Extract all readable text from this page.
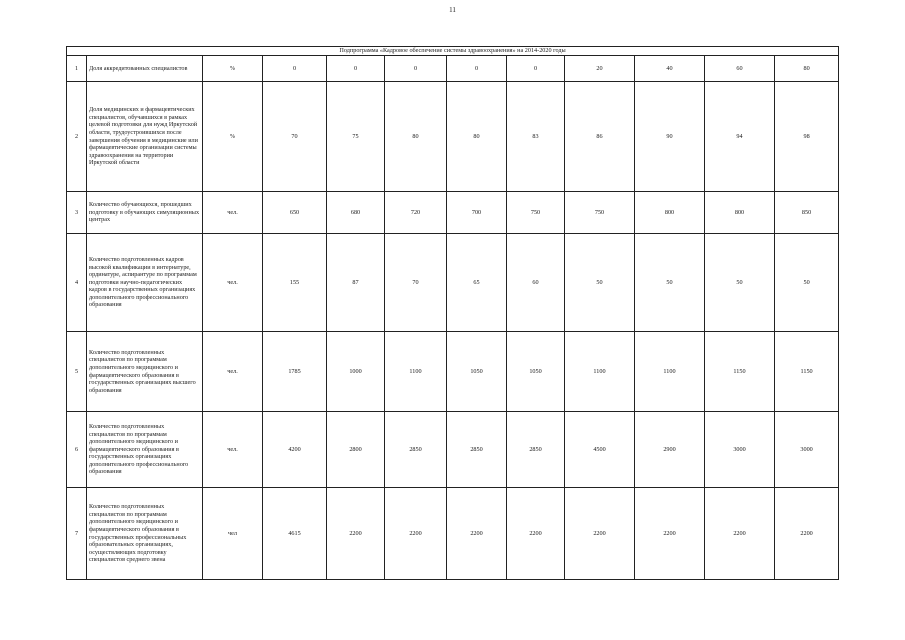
11
Подпрограмма «Кадровое обеспечение системы здравоохранения» на 2014-2020 годы											
1	Доля аккредитованных специалистов	%	0	0	0	0	0	20	40	60	80
2	Доля медицинских и фармацевтических специалистов, обучавшихся в рамках целевой подготовки для нужд Иркутской области, трудоустроившихся после завершения обучения в медицинские или фармацевтические организации системы здравоохранения на территории Иркутской области	%	70	75	80	80	83	86	90	94	98
3	Количество обучающихся, прошедших подготовку в обучающих симуляционных центрах	чел.	650	680	720	700	750	750	800	800	850
4	Количество подготовленных кадров высокой квалификации в интернатуре, ординатуре, аспирантуре по программам подготовки научно-педагогических кадров в государственных организациях дополнительного профессионального образования	чел.	155	87	70	65	60	50	50	50	50
5	Количество подготовленных специалистов по программам дополнительного медицинского и фармацевтического образования в государственных организациях высшего образования	чел.	1785	1000	1100	1050	1050	1100	1100	1150	1150
6	Количество подготовленных специалистов по программам дополнительного медицинского и фармацевтического образования в государственных организациях дополнительного профессионального образования	чел.	4200	2800	2850	2850	2850	4500	2900	3000	3000
7	Количество подготовленных специалистов по программам дополнительного медицинского и фармацевтического образования в государственных профессиональных образовательных организациях, осуществляющих подготовку специалистов среднего звена	чел	4615	2200	2200	2200	2200	2200	2200	2200	2200
